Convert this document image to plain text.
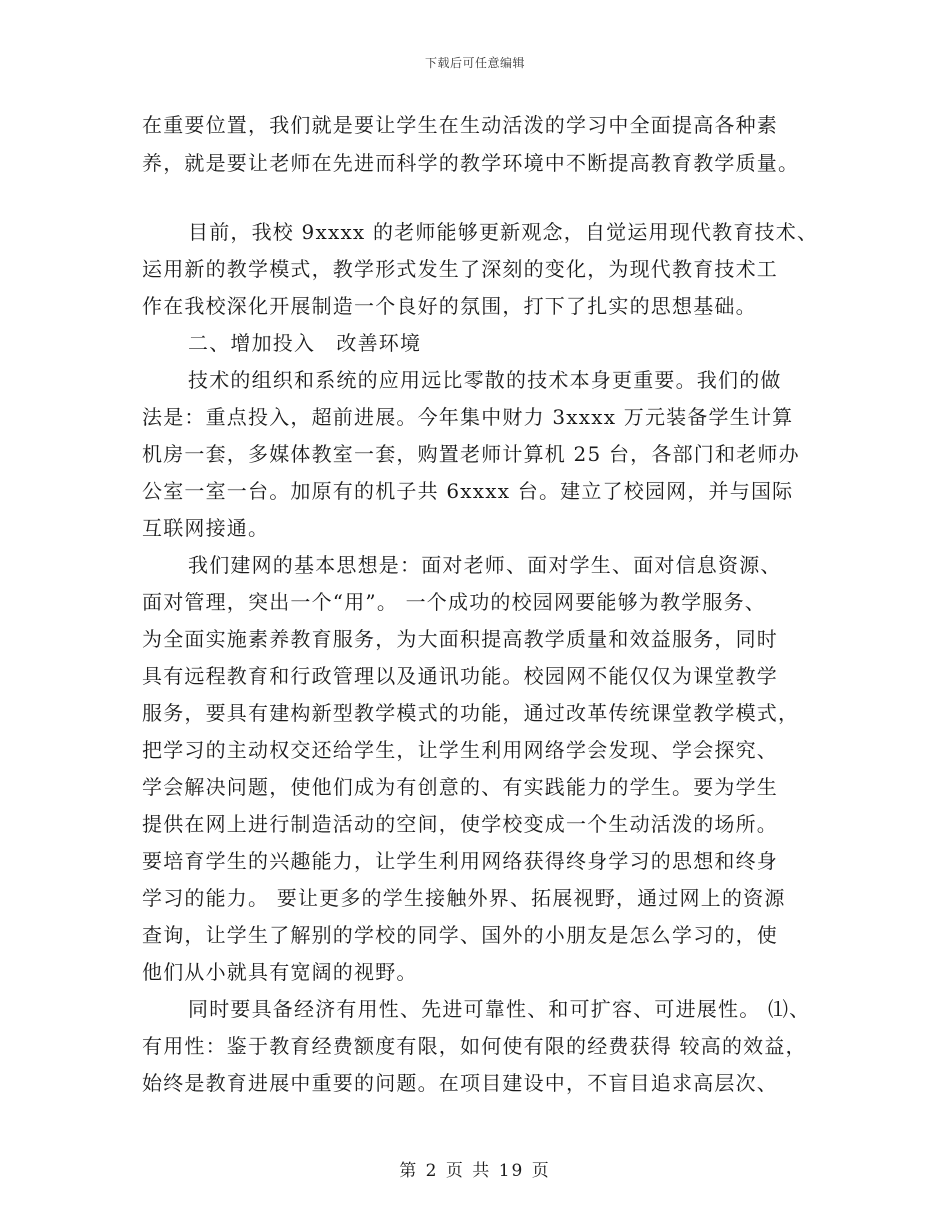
下载后可任意编辑
在重要位置，我们就是要让学生在生动活泼的学习中全面提高各种素
养，就是要让老师在先进而科学的教学环境中不断提高教育教学质量。
目前，我校 9xxxx 的老师能够更新观念，自觉运用现代教育技术、
运用新的教学模式，教学形式发生了深刻的变化，为现代教育技术工
作在我校深化开展制造一个良好的氛围，打下了扎实的思想基础。
二、增加投入　改善环境
技术的组织和系统的应用远比零散的技术本身更重要。我们的做
法是：重点投入，超前进展。今年集中财力 3xxxx 万元装备学生计算
机房一套，多媒体教室一套，购置老师计算机 25 台，各部门和老师办
公室一室一台。加原有的机子共 6xxxx 台。建立了校园网，并与国际
互联网接通。
我们建网的基本思想是：面对老师、面对学生、面对信息资源、
面对管理，突出一个“用”。 一个成功的校园网要能够为教学服务、
为全面实施素养教育服务，为大面积提高教学质量和效益服务，同时
具有远程教育和行政管理以及通讯功能。校园网不能仅仅为课堂教学
服务，要具有建构新型教学模式的功能，通过改革传统课堂教学模式，
把学习的主动权交还给学生，让学生利用网络学会发现、学会探究、
学会解决问题，使他们成为有创意的、有实践能力的学生。要为学生
提供在网上进行制造活动的空间，使学校变成一个生动活泼的场所。
要培育学生的兴趣能力，让学生利用网络获得终身学习的思想和终身
学习的能力。 要让更多的学生接触外界、拓展视野，通过网上的资源
查询，让学生了解别的学校的同学、国外的小朋友是怎么学习的，使
他们从小就具有宽阔的视野。
同时要具备经济有用性、先进可靠性、和可扩容、可进展性。 ⑴、
有用性：鉴于教育经费额度有限，如何使有限的经费获得 较高的效益，
始终是教育进展中重要的问题。在项目建设中，不盲目追求高层次、
第 2 页 共 19 页
